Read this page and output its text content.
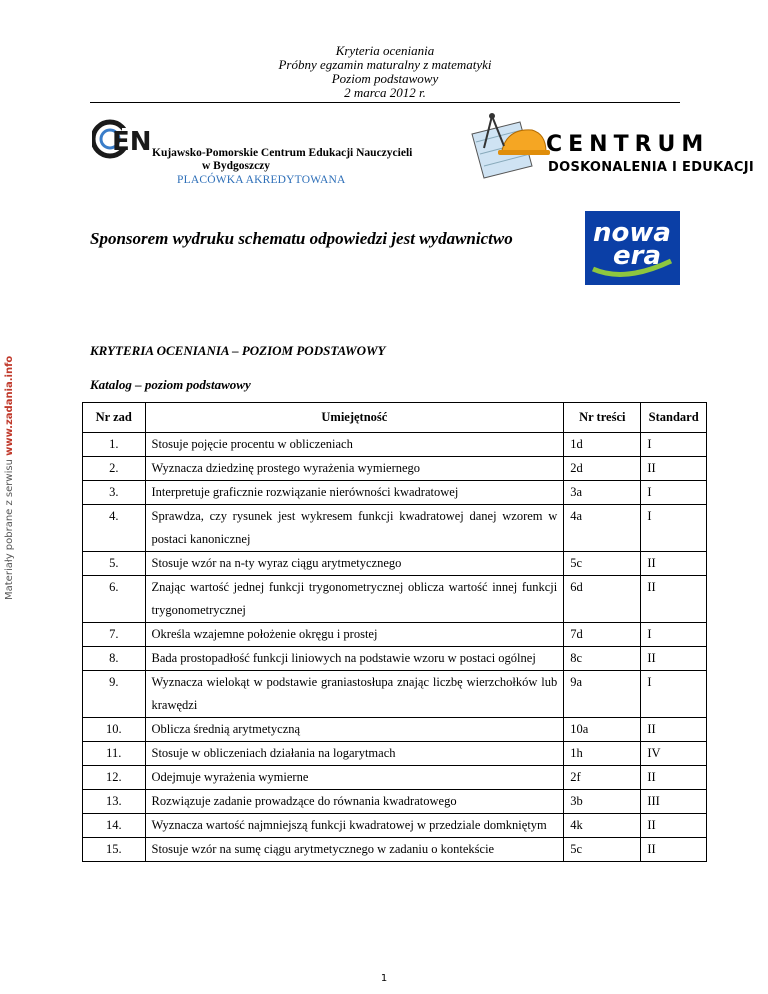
Kryteria oceniania
Próbny egzamin maturalny z matematyki
Poziom podstawowy
2 marca 2012 r.
EN Kujawsko-Pomorskie Centrum Edukacji Nauczycieli
w Bydgoszczy
PLACÓWKA AKREDYTOWANA
CENTRUM
DOSKONALENIA I EDUKACJI
Sponsorem wydruku schematu odpowiedzi jest wydawnictwo	nowa
era
Materiały pobrane z serwisu www.zadania.info
KRYTERIA OCENIANIA – POZIOM PODSTAWOWY
Katalog – poziom podstawowy
Nr zad	Umiejętność	Nr treści	Standard
1.	Stosuje pojęcie procentu w obliczeniach	1d	I
2.	Wyznacza dziedzinę prostego wyrażenia wymiernego	2d	II
3.	Interpretuje graficznie rozwiązanie nierówności kwadratowej	3a	I
4.	Sprawdza, czy rysunek jest wykresem funkcji kwadratowej danej wzorem w postaci kanonicznej	4a	I
5.	Stosuje wzór na n-ty wyraz ciągu arytmetycznego	5c	II
6.	Znając wartość jednej funkcji trygonometrycznej oblicza wartość innej funkcji trygonometrycznej	6d	II
7.	Określa wzajemne położenie okręgu i prostej	7d	I
8.	Bada prostopadłość funkcji liniowych na podstawie wzoru w postaci ogólnej	8c	II
9.	Wyznacza wielokąt w podstawie graniastosłupa znając liczbę wierzchołków lub krawędzi	9a	I
10.	Oblicza średnią arytmetyczną	10a	II
11.	Stosuje w obliczeniach działania na logarytmach	1h	IV
12.	Odejmuje wyrażenia wymierne	2f	II
13.	Rozwiązuje zadanie prowadzące do równania kwadratowego	3b	III
14.	Wyznacza wartość najmniejszą funkcji kwadratowej w przedziale domkniętym	4k	II
15.	Stosuje wzór na sumę ciągu arytmetycznego w zadaniu o kontekście	5c	II
1
